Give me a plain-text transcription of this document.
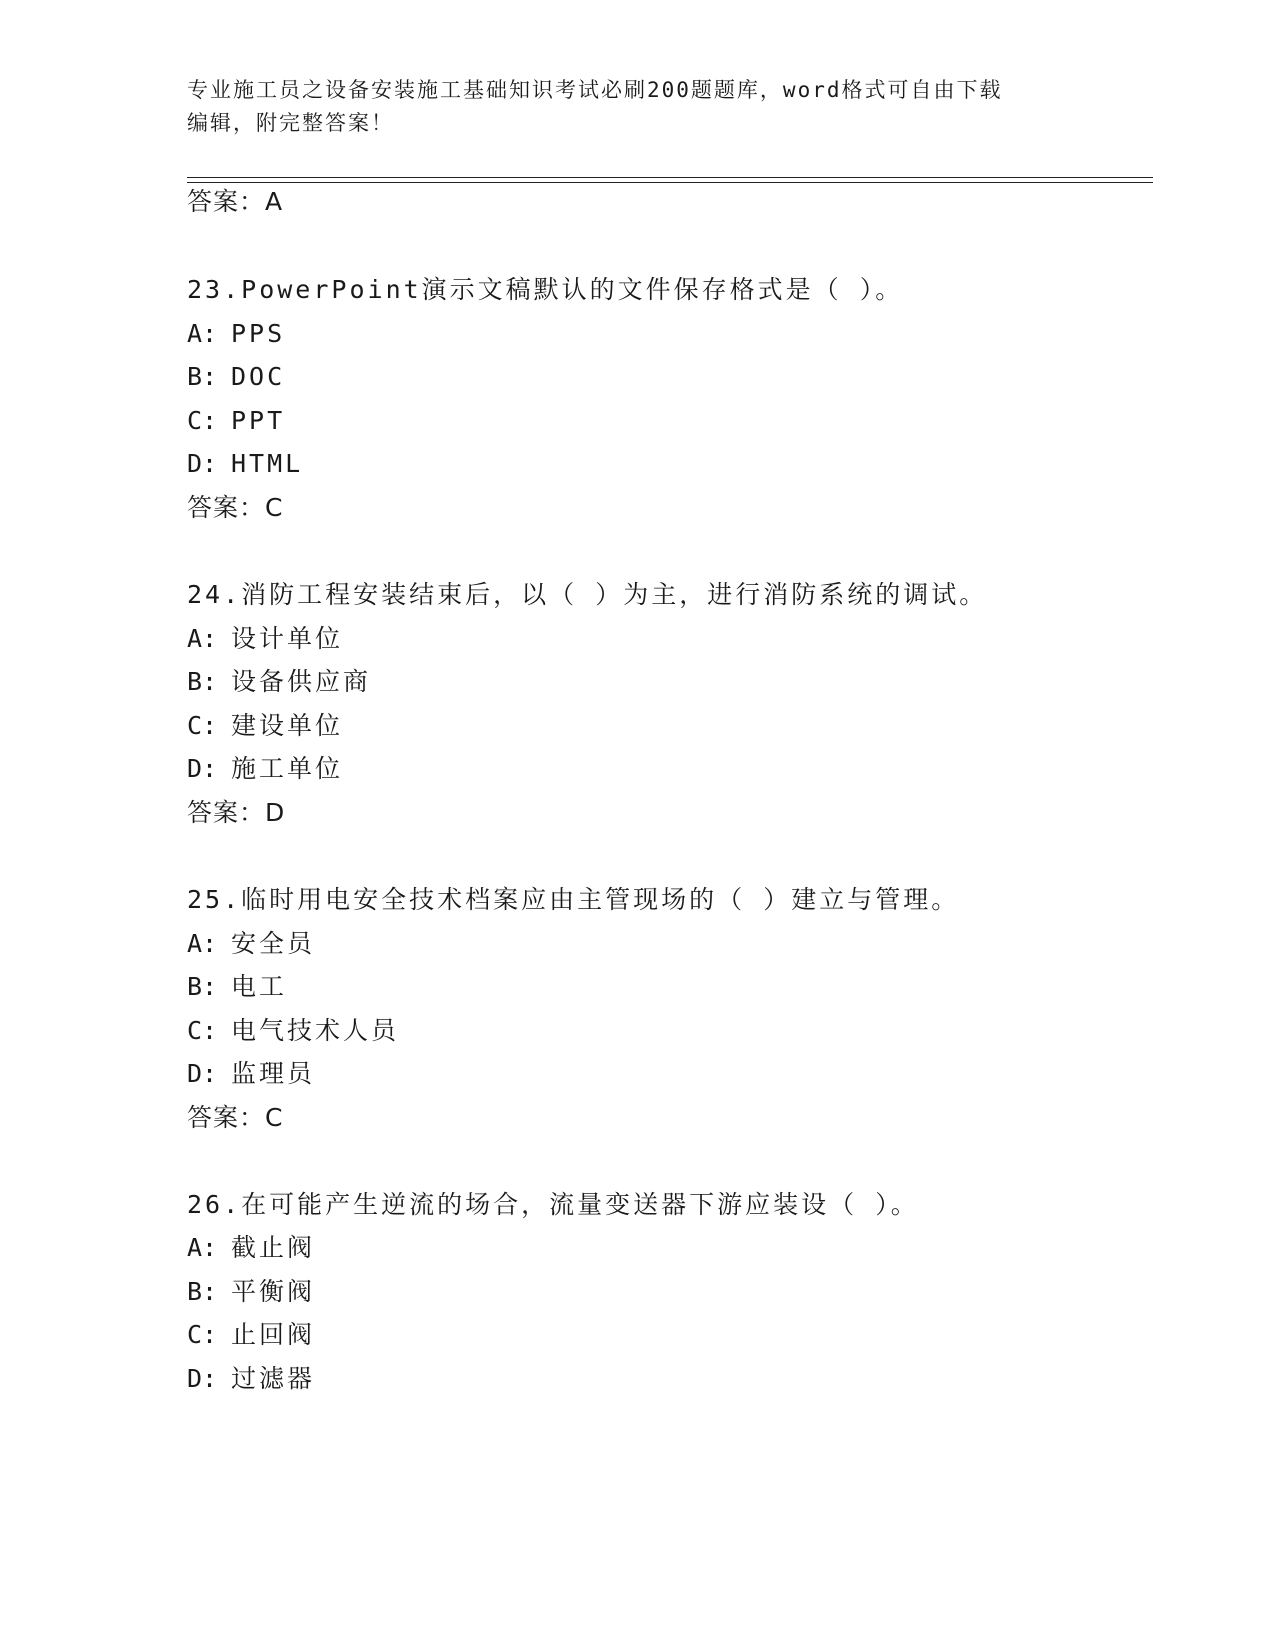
专业施工员之设备安装施工基础知识考试必刷200题题库，word格式可自由下载
编辑，附完整答案！
答案：A
23.PowerPoint演示文稿默认的文件保存格式是（ ）。
A: PPS
B: DOC
C: PPT
D: HTML
答案：C
24.消防工程安装结束后，以（ ）为主，进行消防系统的调试。
A: 设计单位
B: 设备供应商
C: 建设单位
D: 施工单位
答案：D
25.临时用电安全技术档案应由主管现场的（ ）建立与管理。
A: 安全员
B: 电工
C: 电气技术人员
D: 监理员
答案：C
26.在可能产生逆流的场合，流量变送器下游应装设（ ）。
A: 截止阀
B: 平衡阀
C: 止回阀
D: 过滤器
